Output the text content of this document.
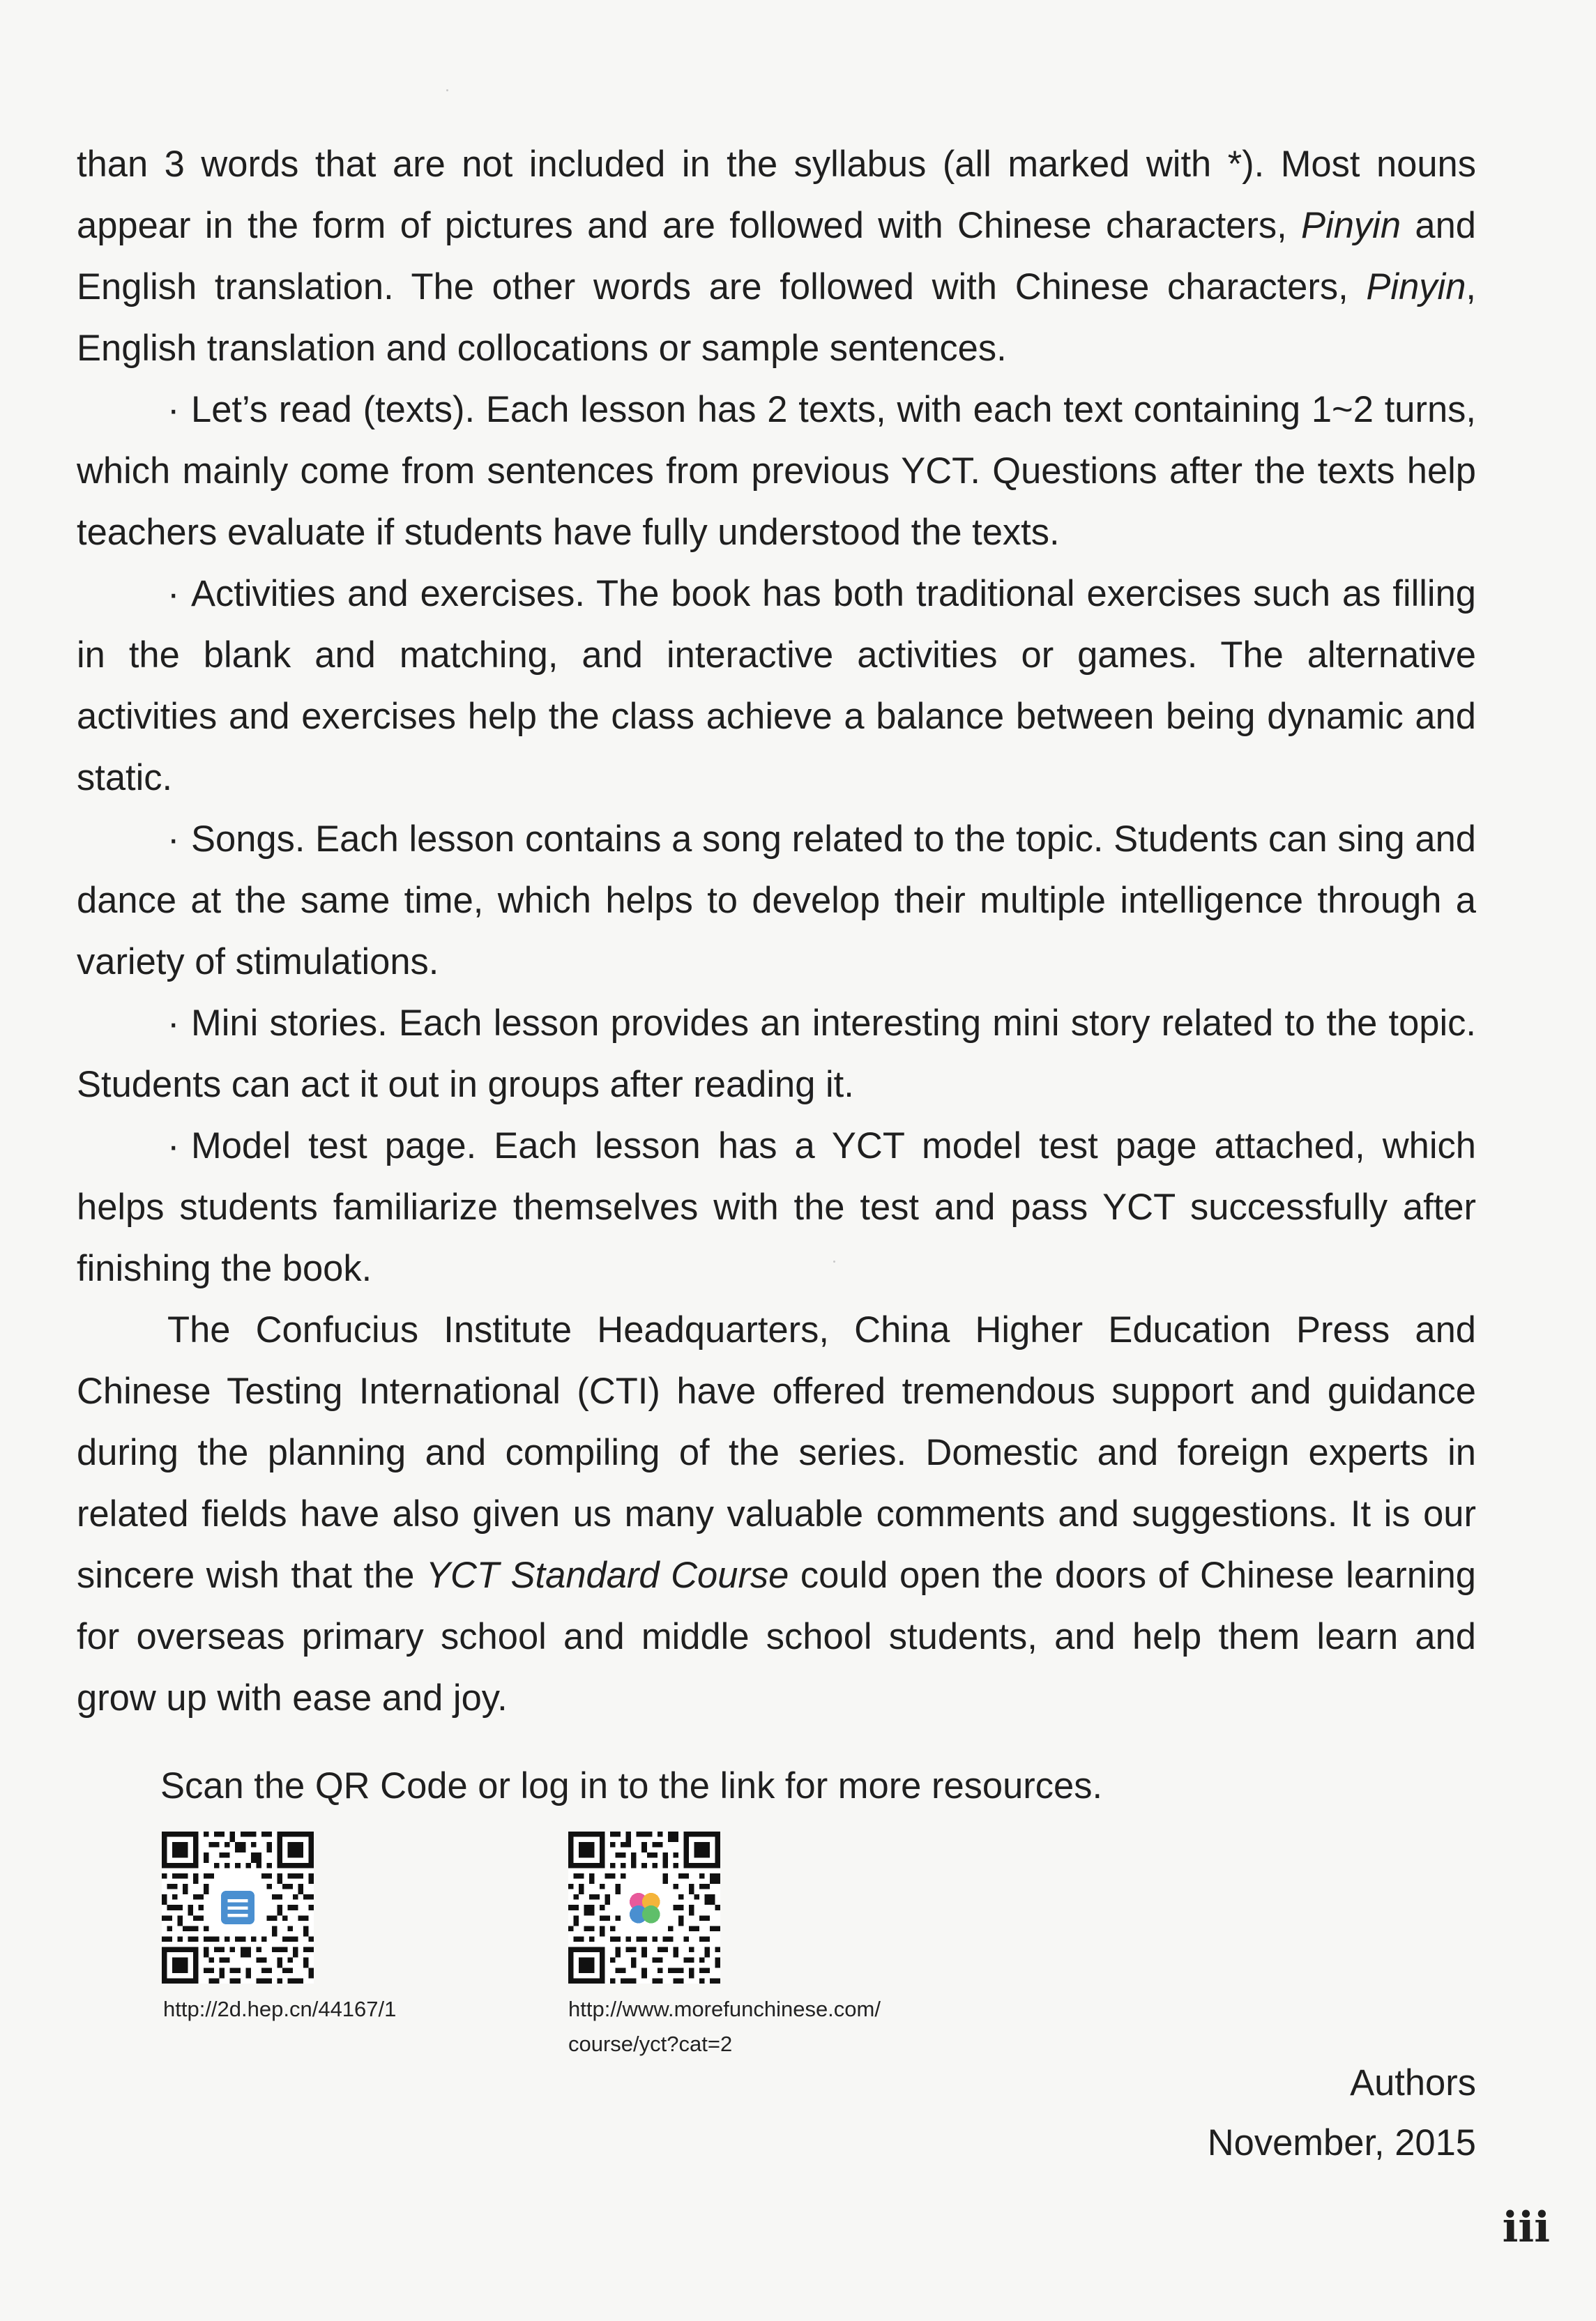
than 3 words that are not included in the syllabus (all marked with *). Most nouns appear in the form of pictures and are followed with Chinese characters, Pinyin and English translation. The other words are followed with Chinese characters, Pinyin, English translation and collocations or sample sentences.

· Let’s read (texts). Each lesson has 2 texts, with each text containing 1~2 turns, which mainly come from sentences from previous YCT. Questions after the texts help teachers evaluate if students have fully understood the texts.

· Activities and exercises. The book has both traditional exercises such as filling in the blank and matching, and interactive activities or games. The alternative activities and exercises help the class achieve a balance between being dynamic and static.

· Songs. Each lesson contains a song related to the topic. Students can sing and dance at the same time, which helps to develop their multiple intelligence through a variety of stimulations.

· Mini stories. Each lesson provides an interesting mini story related to the topic. Students can act it out in groups after reading it.

· Model test page. Each lesson has a YCT model test page attached, which helps students familiarize themselves with the test and pass YCT successfully after finishing the book.

The Confucius Institute Headquarters, China Higher Education Press and Chinese Testing International (CTI) have offered tremendous support and guidance during the planning and compiling of the series. Domestic and foreign experts in related fields have also given us many valuable comments and suggestions. It is our sincere wish that the YCT Standard Course could open the doors of Chinese learning for overseas primary school and middle school students, and help them learn and grow up with ease and joy.

Scan the QR Code or log in to the link for more resources.
http://2d.hep.cn/44167/1	http://www.morefunchinese.com/
course/yct?cat=2
Authors
November, 2015
iii
